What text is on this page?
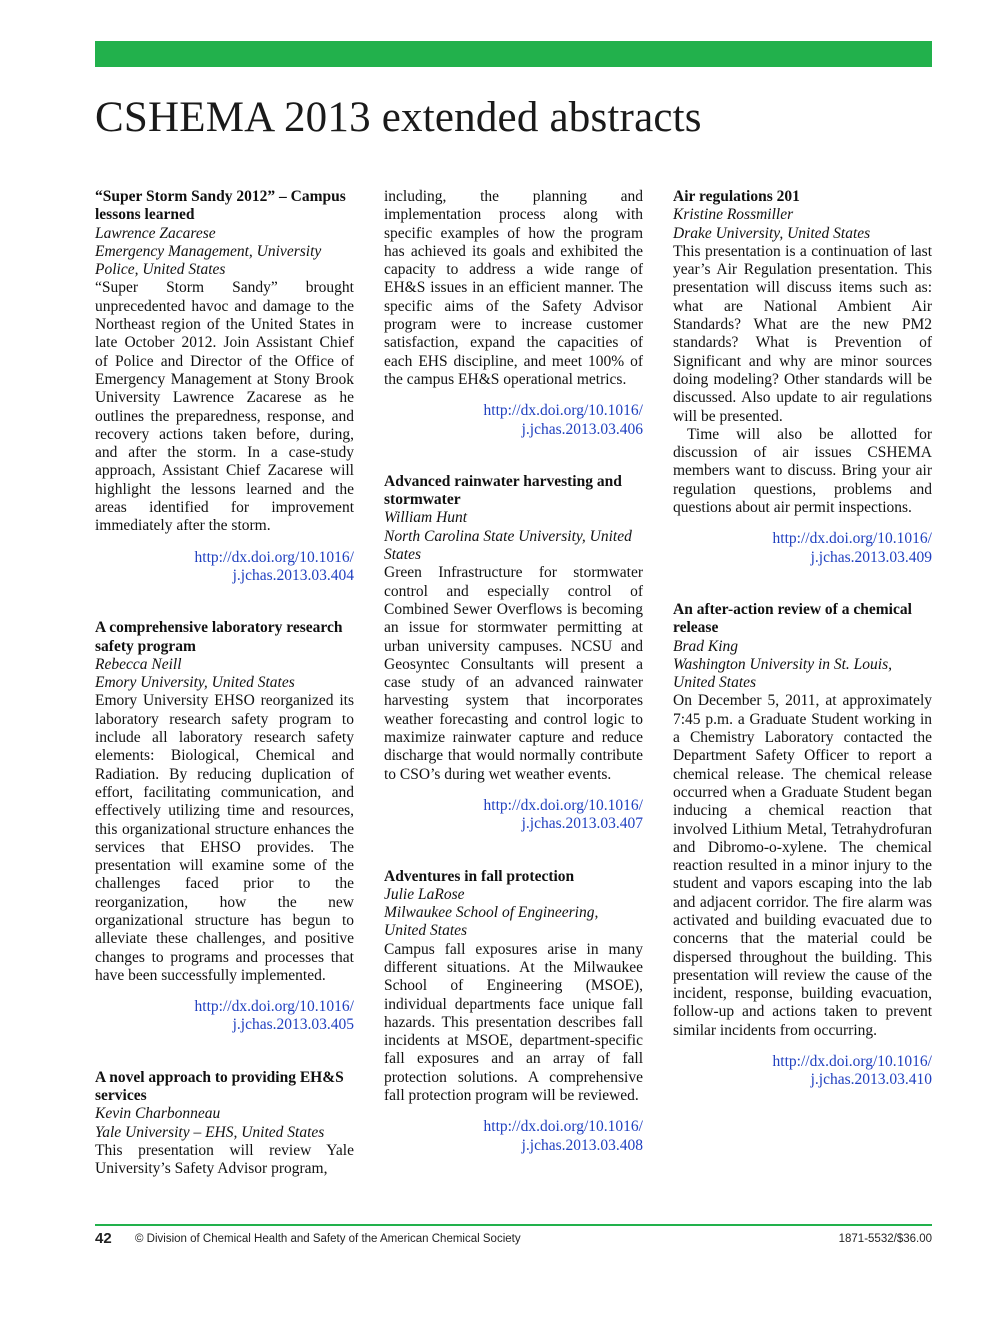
CSHEMA 2013 extended abstracts
“Super Storm Sandy 2012” – Campus lessons learned
Lawrence Zacarese
Emergency Management, University Police, United States

“Super Storm Sandy” brought unprecedented havoc and damage to the Northeast region of the United States in late October 2012. Join Assistant Chief of Police and Director of the Office of Emergency Management at Stony Brook University Lawrence Zacarese as he outlines the preparedness, response, and recovery actions taken before, during, and after the storm. In a case-study approach, Assistant Chief Zacarese will highlight the lessons learned and the areas identified for improvement immediately after the storm.

http://dx.doi.org/10.1016/
j.jchas.2013.03.404
A comprehensive laboratory research safety program
Rebecca Neill
Emory University, United States

Emory University EHSO reorganized its laboratory research safety program to include all laboratory research safety elements: Biological, Chemical and Radiation. By reducing duplication of effort, facilitating communication, and effectively utilizing time and resources, this organizational structure enhances the services that EHSO provides. The presentation will examine some of the challenges faced prior to the reorganization, how the new organizational structure has begun to alleviate these challenges, and positive changes to programs and processes that have been successfully implemented.

http://dx.doi.org/10.1016/
j.jchas.2013.03.405
A novel approach to providing EH&S services
Kevin Charbonneau
Yale University – EHS, United States

This presentation will review Yale University’s Safety Advisor program,

including, the planning and implementation process along with specific examples of how the program has achieved its goals and exhibited the capacity to address a wide range of EH&S issues in an efficient manner. The specific aims of the Safety Advisor program were to increase customer satisfaction, expand the capacities of each EHS discipline, and meet 100% of the campus EH&S operational metrics.

http://dx.doi.org/10.1016/
j.jchas.2013.03.406
Advanced rainwater harvesting and stormwater
William Hunt
North Carolina State University, United States

Green Infrastructure for stormwater control and especially control of Combined Sewer Overflows is becoming an issue for stormwater permitting at urban university campuses. NCSU and Geosyntec Consultants will present a case study of an advanced rainwater harvesting system that incorporates weather forecasting and control logic to maximize rainwater capture and reduce discharge that would normally contribute to CSO’s during wet weather events.

http://dx.doi.org/10.1016/
j.jchas.2013.03.407
Adventures in fall protection
Julie LaRose
Milwaukee School of Engineering, United States

Campus fall exposures arise in many different situations. At the Milwaukee School of Engineering (MSOE), individual departments face unique fall hazards. This presentation describes fall incidents at MSOE, department-specific fall exposures and an array of fall protection solutions. A comprehensive fall protection program will be reviewed.

http://dx.doi.org/10.1016/
j.jchas.2013.03.408
Air regulations 201
Kristine Rossmiller
Drake University, United States

This presentation is a continuation of last year’s Air Regulation presentation. This presentation will discuss items such as: what are National Ambient Air Standards? What are the new PM2 standards? What is Prevention of Significant and why are minor sources doing modeling? Other standards will be discussed. Also update to air regulations will be presented.

Time will also be allotted for discussion of air issues CSHEMA members want to discuss. Bring your air regulation questions, problems and questions about air permit inspections.

http://dx.doi.org/10.1016/
j.jchas.2013.03.409
An after-action review of a chemical release
Brad King
Washington University in St. Louis, United States

On December 5, 2011, at approximately 7:45 p.m. a Graduate Student working in a Chemistry Laboratory contacted the Department Safety Officer to report a chemical release. The chemical release occurred when a Graduate Student began inducing a chemical reaction that involved Lithium Metal, Tetrahydrofuran and Dibromo-o-xylene. The chemical reaction resulted in a minor injury to the student and vapors escaping into the lab and adjacent corridor. The fire alarm was activated and building evacuated due to concerns that the material could be dispersed throughout the building. This presentation will review the cause of the incident, response, building evacuation, follow-up and actions taken to prevent similar incidents from occurring.

http://dx.doi.org/10.1016/
j.jchas.2013.03.410
42 © Division of Chemical Health and Safety of the American Chemical Society	1871-5532/$36.00
